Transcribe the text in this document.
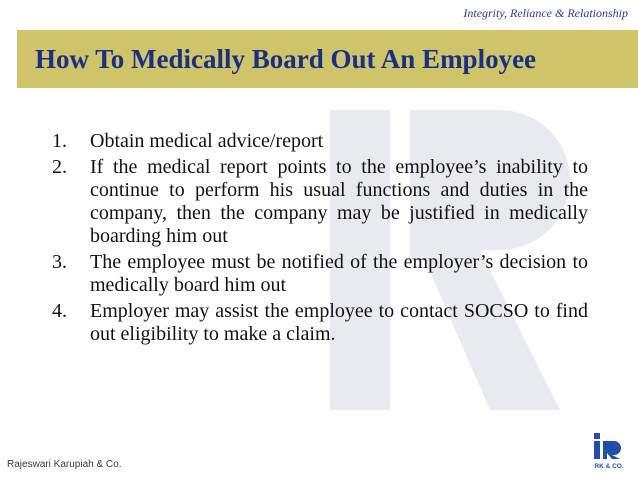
Integrity, Reliance & Relationship
How To Medically Board Out An Employee
1.	Obtain medical advice/report
2.	If the medical report points to the employee’s inability to continue to perform his usual functions and duties in the company, then the company may be justified in medically boarding him out
3.	The employee must be notified of the employer’s decision to medically board him out
4.	Employer may assist the employee to contact SOCSO to find out eligibility to make a claim.
Rajeswari Karupiah & Co.	RK & CO.
